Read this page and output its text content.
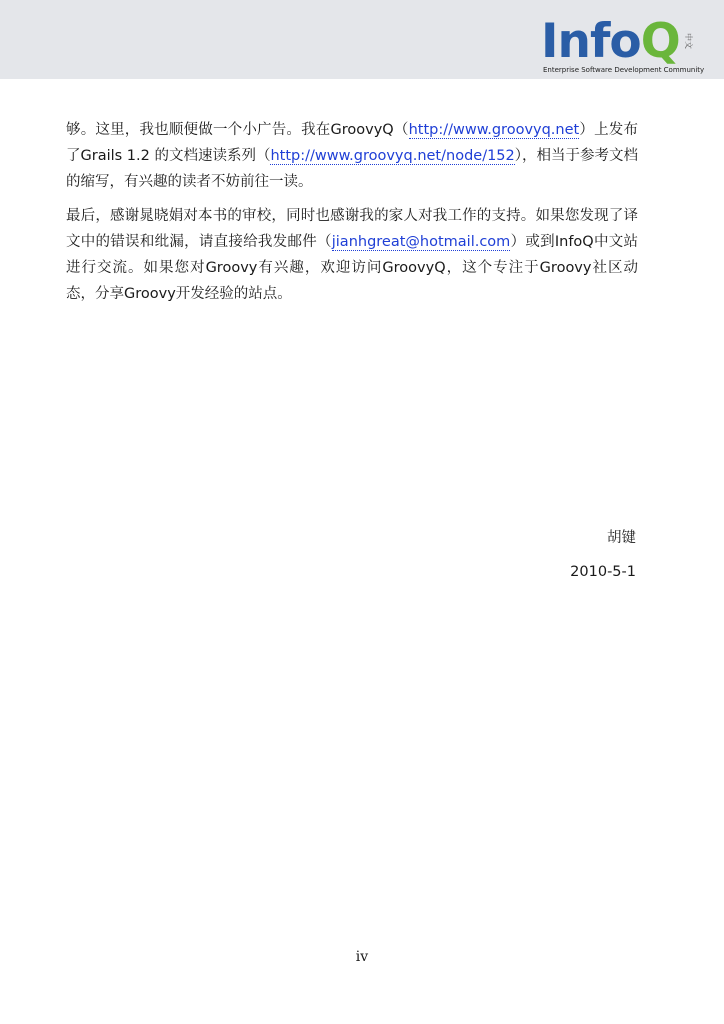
InfoQ 中文
Enterprise Software Development Community

够。这里，我也顺便做一个小广告。我在GroovyQ（http://www.groovyq.net）上发布了Grails 1.2 的文档速读系列（http://www.groovyq.net/node/152），相当于参考文档的缩写，有兴趣的读者不妨前往一读。

最后，感谢晁晓娟对本书的审校，同时也感谢我的家人对我工作的支持。如果您发现了译文中的错误和纰漏，请直接给我发邮件（jianhgreat@hotmail.com）或到InfoQ中文站进行交流。如果您对Groovy有兴趣，欢迎访问GroovyQ，这个专注于Groovy社区动态，分享Groovy开发经验的站点。

胡键
2010-5-1
iv
